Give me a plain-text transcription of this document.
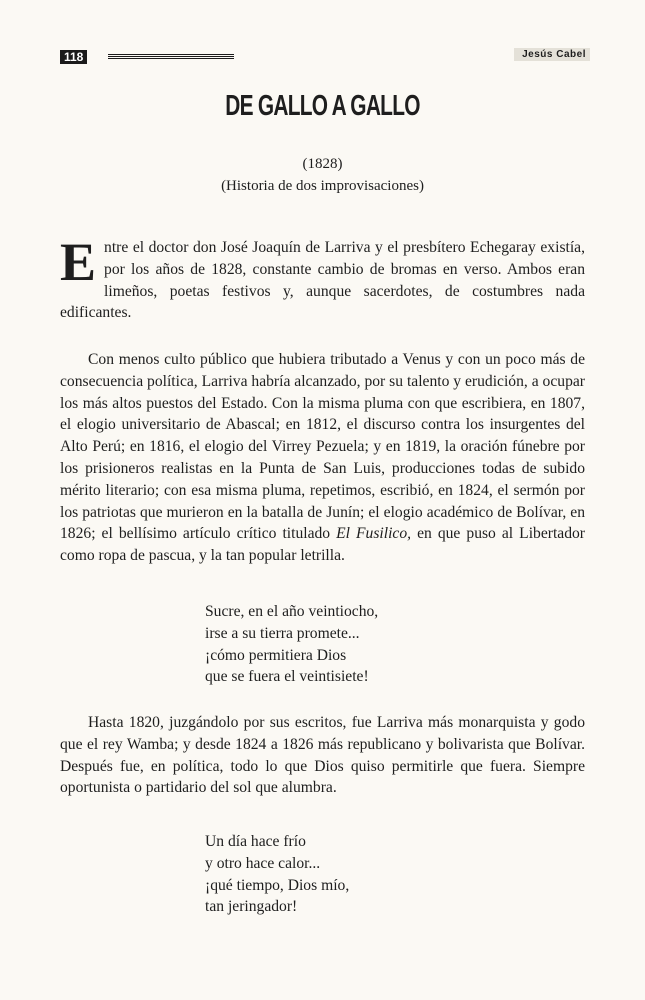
118	Jesús Cabel
DE GALLO A GALLO
(1828)
(Historia de dos improvisaciones)

Entre el doctor don José Joaquín de Larriva y el presbítero Echegaray existía, por los años de 1828, constante cambio de bromas en verso. Ambos eran limeños, poetas festivos y, aunque sacerdotes, de costumbres nada edificantes.

Con menos culto público que hubiera tributado a Venus y con un poco más de consecuencia política, Larriva habría alcanzado, por su talento y erudición, a ocupar los más altos puestos del Estado. Con la misma pluma con que escribiera, en 1807, el elogio universitario de Abascal; en 1812, el discurso contra los insurgentes del Alto Perú; en 1816, el elogio del Virrey Pezuela; y en 1819, la oración fúnebre por los prisioneros realistas en la Punta de San Luis, producciones todas de subido mérito literario; con esa misma pluma, repetimos, escribió, en 1824, el sermón por los patriotas que murieron en la batalla de Junín; el elogio académico de Bolívar, en 1826; el bellísimo artículo crítico titulado El Fusilico, en que puso al Libertador como ropa de pascua, y la tan popular letrilla.

Sucre, en el año veintiocho,
irse a su tierra promete...
¡cómo permitiera Dios
que se fuera el veintisiete!

Hasta 1820, juzgándolo por sus escritos, fue Larriva más monarquista y godo que el rey Wamba; y desde 1824 a 1826 más republicano y bolivarista que Bolívar. Después fue, en política, todo lo que Dios quiso permitirle que fuera. Siempre oportunista o partidario del sol que alumbra.

Un día hace frío
y otro hace calor...
¡qué tiempo, Dios mío,
tan jeringador!
